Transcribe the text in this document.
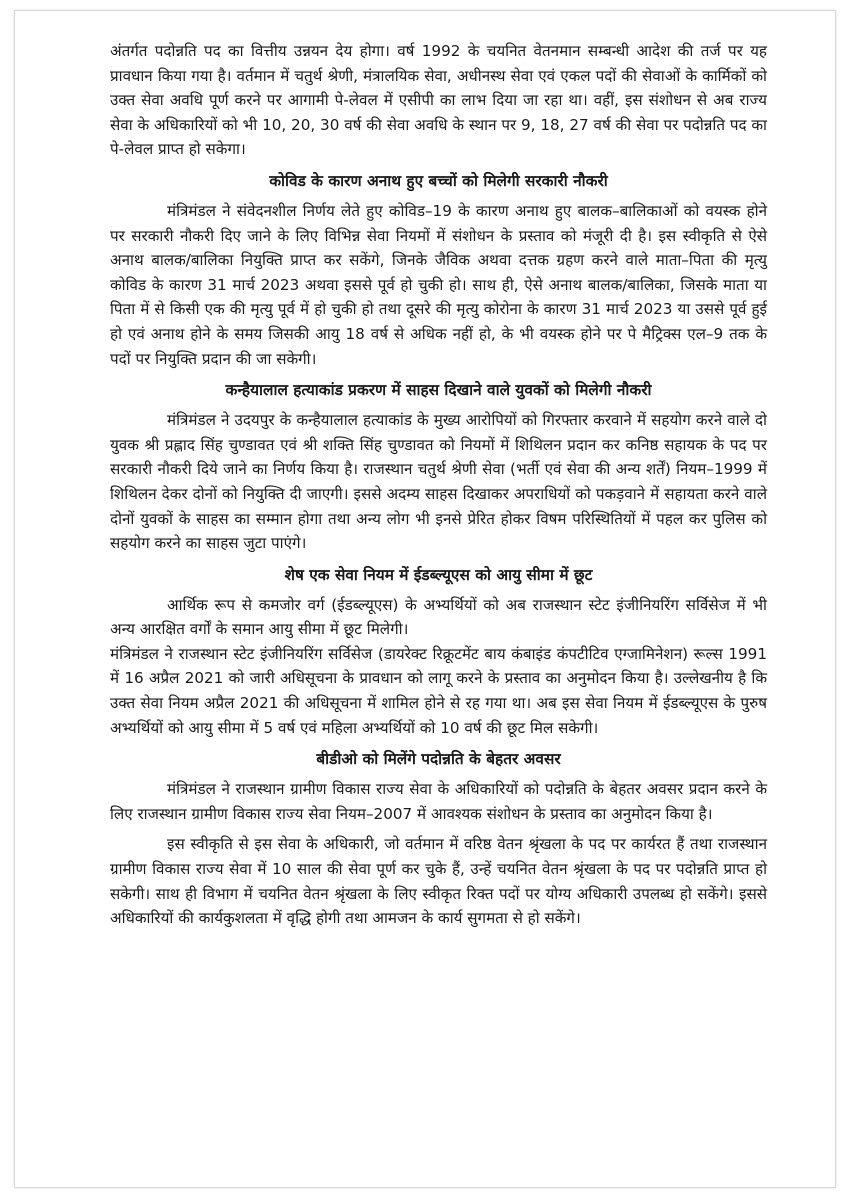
अंतर्गत पदोन्नति पद का वित्तीय उन्नयन देय होगा। वर्ष 1992 के चयनित वेतनमान सम्बन्धी आदेश की तर्ज पर यह प्रावधान किया गया है। वर्तमान में चतुर्थ श्रेणी, मंत्रालयिक सेवा, अधीनस्थ सेवा एवं एकल पदों की सेवाओं के कार्मिकों को उक्त सेवा अवधि पूर्ण करने पर आगामी पे-लेवल में एसीपी का लाभ दिया जा रहा था। वहीं, इस संशोधन से अब राज्य सेवा के अधिकारियों को भी 10, 20, 30 वर्ष की सेवा अवधि के स्थान पर 9, 18, 27 वर्ष की सेवा पर पदोन्नति पद का पे-लेवल प्राप्त हो सकेगा।

कोविड के कारण अनाथ हुए बच्चों को मिलेगी सरकारी नौकरी

मंत्रिमंडल ने संवेदनशील निर्णय लेते हुए कोविड–19 के कारण अनाथ हुए बालक–बालिकाओं को वयस्क होने पर सरकारी नौकरी दिए जाने के लिए विभिन्न सेवा नियमों में संशोधन के प्रस्ताव को मंजूरी दी है। इस स्वीकृति से ऐसे अनाथ बालक/बालिका नियुक्ति प्राप्त कर सकेंगे, जिनके जैविक अथवा दत्तक ग्रहण करने वाले माता–पिता की मृत्यु कोविड के कारण 31 मार्च 2023 अथवा इससे पूर्व हो चुकी हो। साथ ही, ऐसे अनाथ बालक/बालिका, जिसके माता या पिता में से किसी एक की मृत्यु पूर्व में हो चुकी हो तथा दूसरे की मृत्यु कोरोना के कारण 31 मार्च 2023 या उससे पूर्व हुई हो एवं अनाथ होने के समय जिसकी आयु 18 वर्ष से अधिक नहीं हो, के भी वयस्क होने पर पे मैट्रिक्स एल–9 तक के पदों पर नियुक्ति प्रदान की जा सकेगी।

कन्हैयालाल हत्याकांड प्रकरण में साहस दिखाने वाले युवकों को मिलेगी नौकरी

मंत्रिमंडल ने उदयपुर के कन्हैयालाल हत्याकांड के मुख्य आरोपियों को गिरफ्तार करवाने में सहयोग करने वाले दो युवक श्री प्रह्लाद सिंह चुण्डावत एवं श्री शक्ति सिंह चुण्डावत को नियमों में शिथिलन प्रदान कर कनिष्ठ सहायक के पद पर सरकारी नौकरी दिये जाने का निर्णय किया है। राजस्थान चतुर्थ श्रेणी सेवा (भर्ती एवं सेवा की अन्य शर्तें) नियम–1999 में शिथिलन देकर दोनों को नियुक्ति दी जाएगी। इससे अदम्य साहस दिखाकर अपराधियों को पकड़वाने में सहायता करने वाले दोनों युवकों के साहस का सम्मान होगा तथा अन्य लोग भी इनसे प्रेरित होकर विषम परिस्थितियों में पहल कर पुलिस को सहयोग करने का साहस जुटा पाएंगे।

शेष एक सेवा नियम में ईडब्ल्यूएस को आयु सीमा में छूट

आर्थिक रूप से कमजोर वर्ग (ईडब्ल्यूएस) के अभ्यर्थियों को अब राजस्थान स्टेट इंजीनियरिंग सर्विसेज में भी अन्य आरक्षित वर्गों के समान आयु सीमा में छूट मिलेगी।

मंत्रिमंडल ने राजस्थान स्टेट इंजीनियरिंग सर्विसेज (डायरेक्ट रिक्रूटमेंट बाय कंबाइंड कंपटीटिव एग्जामिनेशन) रूल्स 1991 में 16 अप्रैल 2021 को जारी अधिसूचना के प्रावधान को लागू करने के प्रस्ताव का अनुमोदन किया है। उल्लेखनीय है कि उक्त सेवा नियम अप्रैल 2021 की अधिसूचना में शामिल होने से रह गया था। अब इस सेवा नियम में ईडब्ल्यूएस के पुरुष अभ्यर्थियों को आयु सीमा में 5 वर्ष एवं महिला अभ्यर्थियों को 10 वर्ष की छूट मिल सकेगी।

बीडीओ को मिलेंगे पदोन्नति के बेहतर अवसर

मंत्रिमंडल ने राजस्थान ग्रामीण विकास राज्य सेवा के अधिकारियों को पदोन्नति के बेहतर अवसर प्रदान करने के लिए राजस्थान ग्रामीण विकास राज्य सेवा नियम–2007 में आवश्यक संशोधन के प्रस्ताव का अनुमोदन किया है।

इस स्वीकृति से इस सेवा के अधिकारी, जो वर्तमान में वरिष्ठ वेतन श्रृंखला के पद पर कार्यरत हैं तथा राजस्थान ग्रामीण विकास राज्य सेवा में 10 साल की सेवा पूर्ण कर चुके हैं, उन्हें चयनित वेतन श्रृंखला के पद पर पदोन्नति प्राप्त हो सकेगी। साथ ही विभाग में चयनित वेतन श्रृंखला के लिए स्वीकृत रिक्त पदों पर योग्य अधिकारी उपलब्ध हो सकेंगे। इससे अधिकारियों की कार्यकुशलता में वृद्धि होगी तथा आमजन के कार्य सुगमता से हो सकेंगे।
